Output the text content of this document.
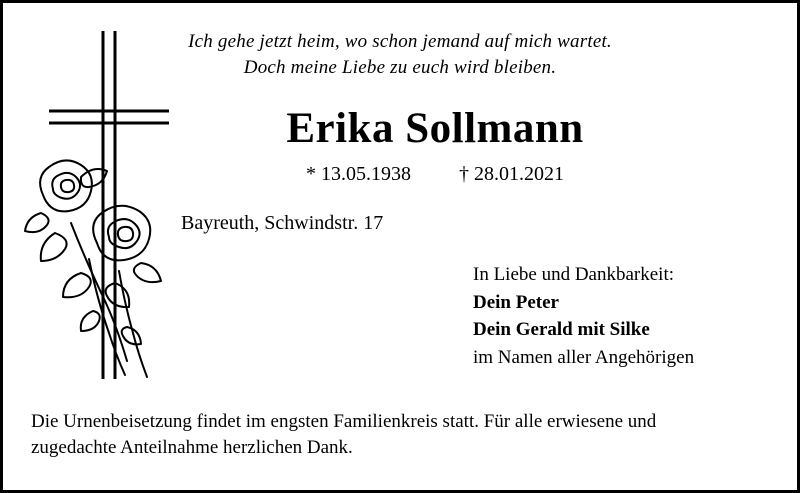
Ich gehe jetzt heim, wo schon jemand auf mich wartet.
Doch meine Liebe zu euch wird bleiben.
Erika Sollmann
* 13.05.1938 † 28.01.2021
Bayreuth, Schwindstr. 17
In Liebe und Dankbarkeit:
Dein Peter
Dein Gerald mit Silke
im Namen aller Angehörigen
Die Urnenbeisetzung findet im engsten Familienkreis statt. Für alle erwiesene und
zugedachte Anteilnahme herzlichen Dank.
